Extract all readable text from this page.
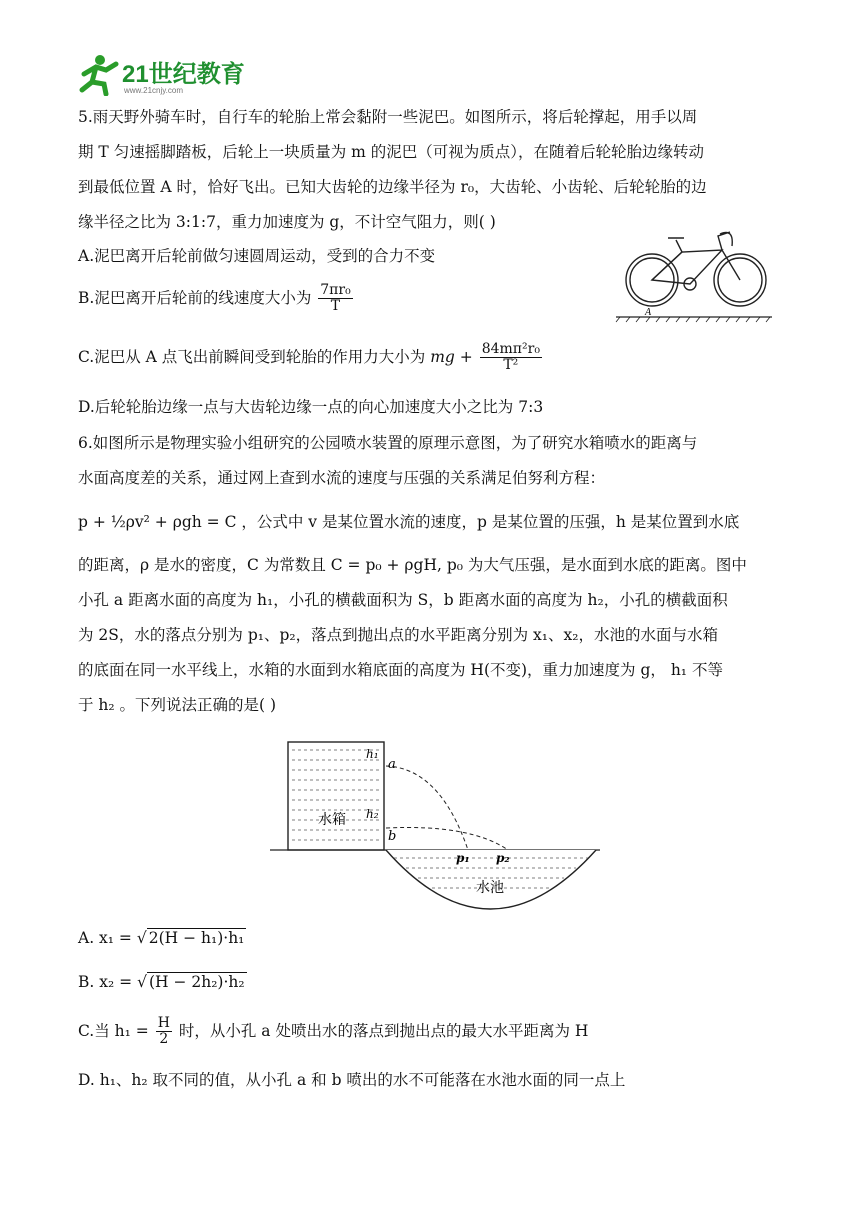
21世纪教育
www.21cnjy.com
5.雨天野外骑车时，自行车的轮胎上常会黏附一些泥巴。如图所示，将后轮撑起，用手以周
期 T 匀速摇脚踏板，后轮上一块质量为 m 的泥巴（可视为质点），在随着后轮轮胎边缘转动
到最低位置 A 时，恰好飞出。已知大齿轮的边缘半径为 r₀，大齿轮、小齿轮、后轮轮胎的边
缘半径之比为 3:1:7，重力加速度为 g，不计空气阻力，则( )
A.泥巴离开后轮前做匀速圆周运动，受到的合力不变
B.泥巴离开后轮前的线速度大小为 $\frac{\text{7πr₀}}{T}$
C.泥巴从 A 点飞出前瞬间受到轮胎的作用力大小为 mg + $\frac{\text{84mπ²r₀}}{\text{T²}}$
D.后轮轮胎边缘一点与大齿轮边缘一点的向心加速度大小之比为 7:3
A
6.如图所示是物理实验小组研究的公园喷水装置的原理示意图，为了研究水箱喷水的距离与
水面高度差的关系，通过网上查到水流的速度与压强的关系满足伯努利方程：
p + ½ρv² + ρgh = C ，公式中 v 是某位置水流的速度，p 是某位置的压强，h 是某位置到水底
的距离，ρ 是水的密度，C 为常数且 C = p₀ + ρgH, p₀ 为大气压强，是水面到水底的距离。图中
小孔 a 距离水面的高度为 h₁，小孔的横截面积为 S，b 距离水面的高度为 h₂，小孔的横截面积
为 2S，水的落点分别为 p₁、p₂，落点到抛出点的水平距离分别为 x₁、x₂，水池的水面与水箱
的底面在同一水平线上，水箱的水面到水箱底面的高度为 H(不变)，重力加速度为 g， h₁ 不等
于 h₂ 。下列说法正确的是( )
h₁
a
h₂
b
水箱
p₁ p₂
水池
A. x₁ = √ 2(H − h₁)·h₁
B. x₂ = √ (H − 2h₂)·h₂
C.当 $h_1 = \frac{H}{2}$ 时，从小孔 a 处喷出水的落点到抛出点的最大水平距离为 H
D. h₁、h₂ 取不同的值，从小孔 a 和 b 喷出的水不可能落在水池水面的同一点上
